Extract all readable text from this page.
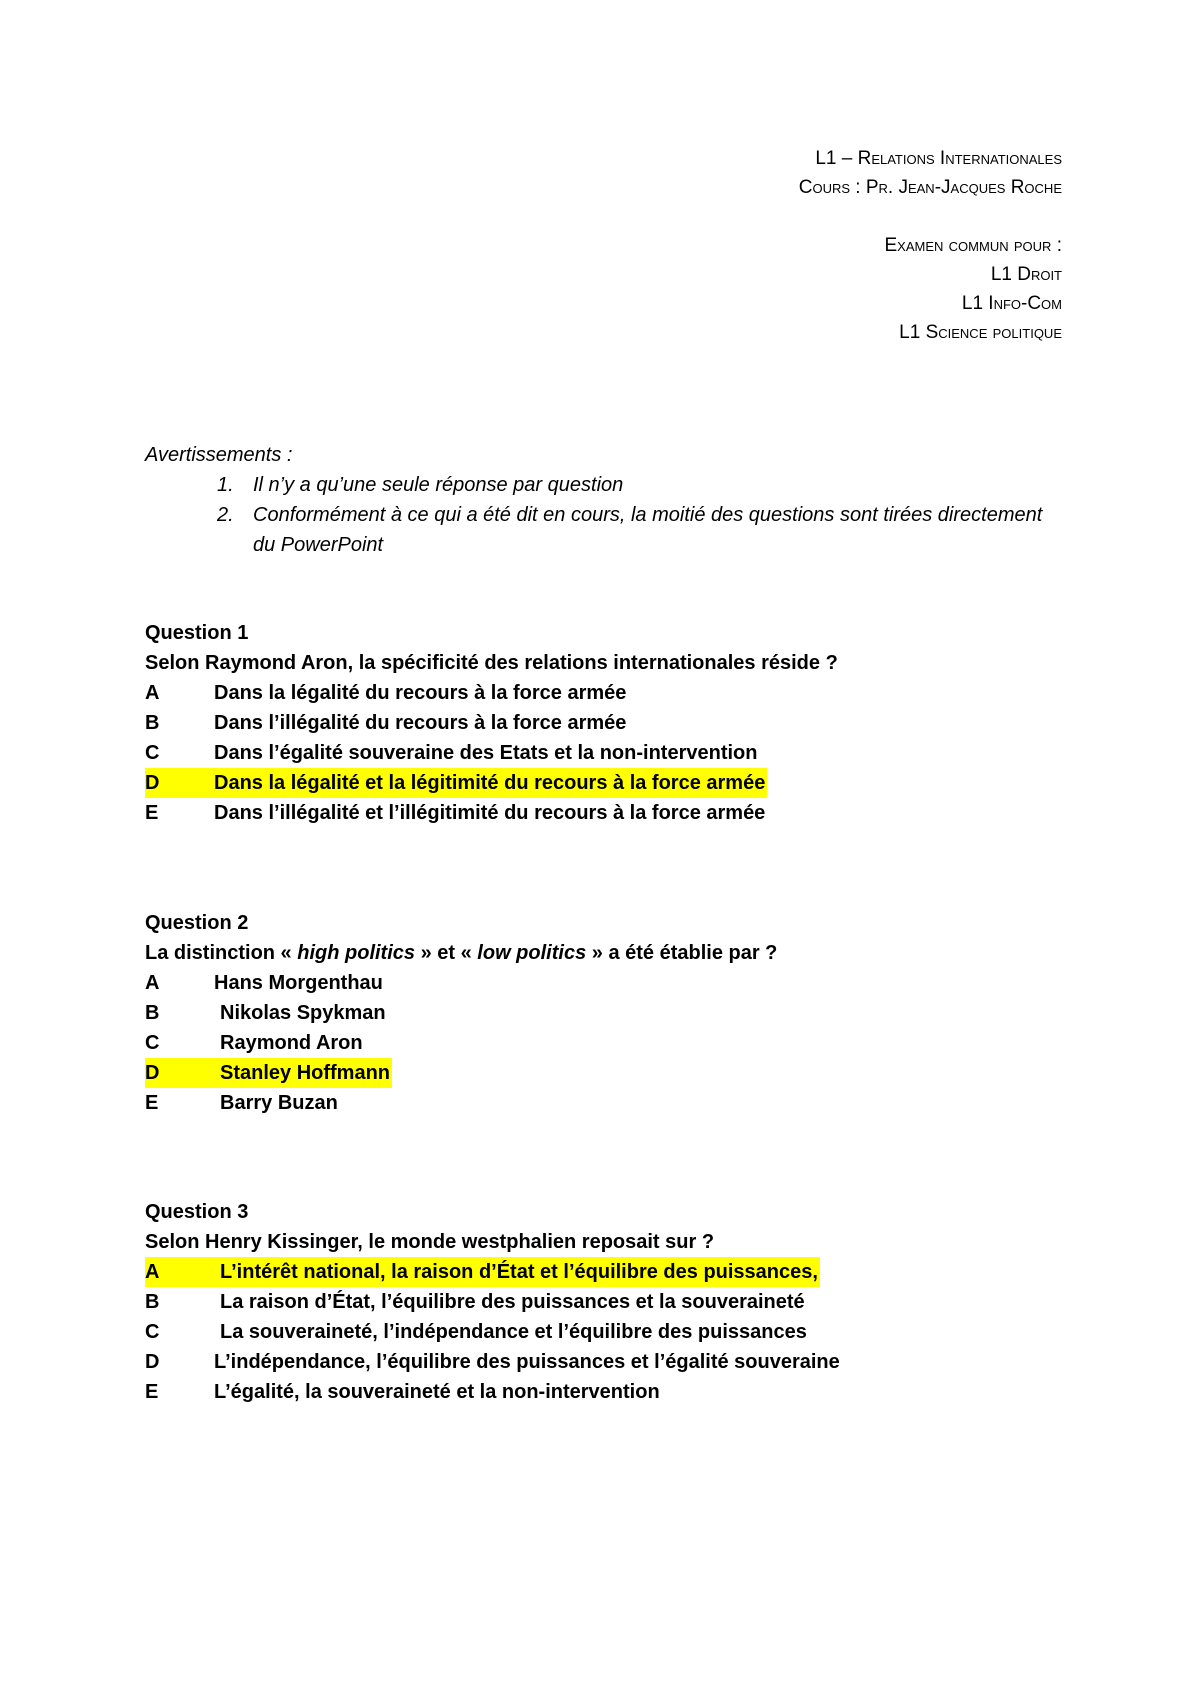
L1 – Relations Internationales
Cours : Pr. Jean-Jacques Roche
Examen commun pour :
L1 Droit
L1 Info-Com
L1 Science politique
Avertissements :
1. Il n’y a qu’une seule réponse par question
2. Conformément à ce qui a été dit en cours, la moitié des questions sont tirées directement du PowerPoint
Question 1
Selon Raymond Aron, la spécificité des relations internationales réside ?
A	Dans la légalité du recours à la force armée
B	Dans l’illégalité du recours à la force armée
C	Dans l’égalité souveraine des Etats et la non-intervention
D	Dans la légalité et la légitimité du recours à la force armée
E	Dans l’illégalité et l’illégitimité du recours à la force armée
Question 2
La distinction « high politics » et « low politics » a été établie par ?
A	Hans Morgenthau
B	Nikolas Spykman
C	Raymond Aron
D	Stanley Hoffmann
E	Barry Buzan
Question 3
Selon Henry Kissinger, le monde westphalien reposait sur ?
A	L’intérêt national, la raison d’État et l’équilibre des puissances,
B	La raison d’État, l’équilibre des puissances et la souveraineté
C	La souveraineté, l’indépendance et l’équilibre des puissances
D	L’indépendance, l’équilibre des puissances et l’égalité souveraine
E	L’égalité, la souveraineté et la non-intervention
